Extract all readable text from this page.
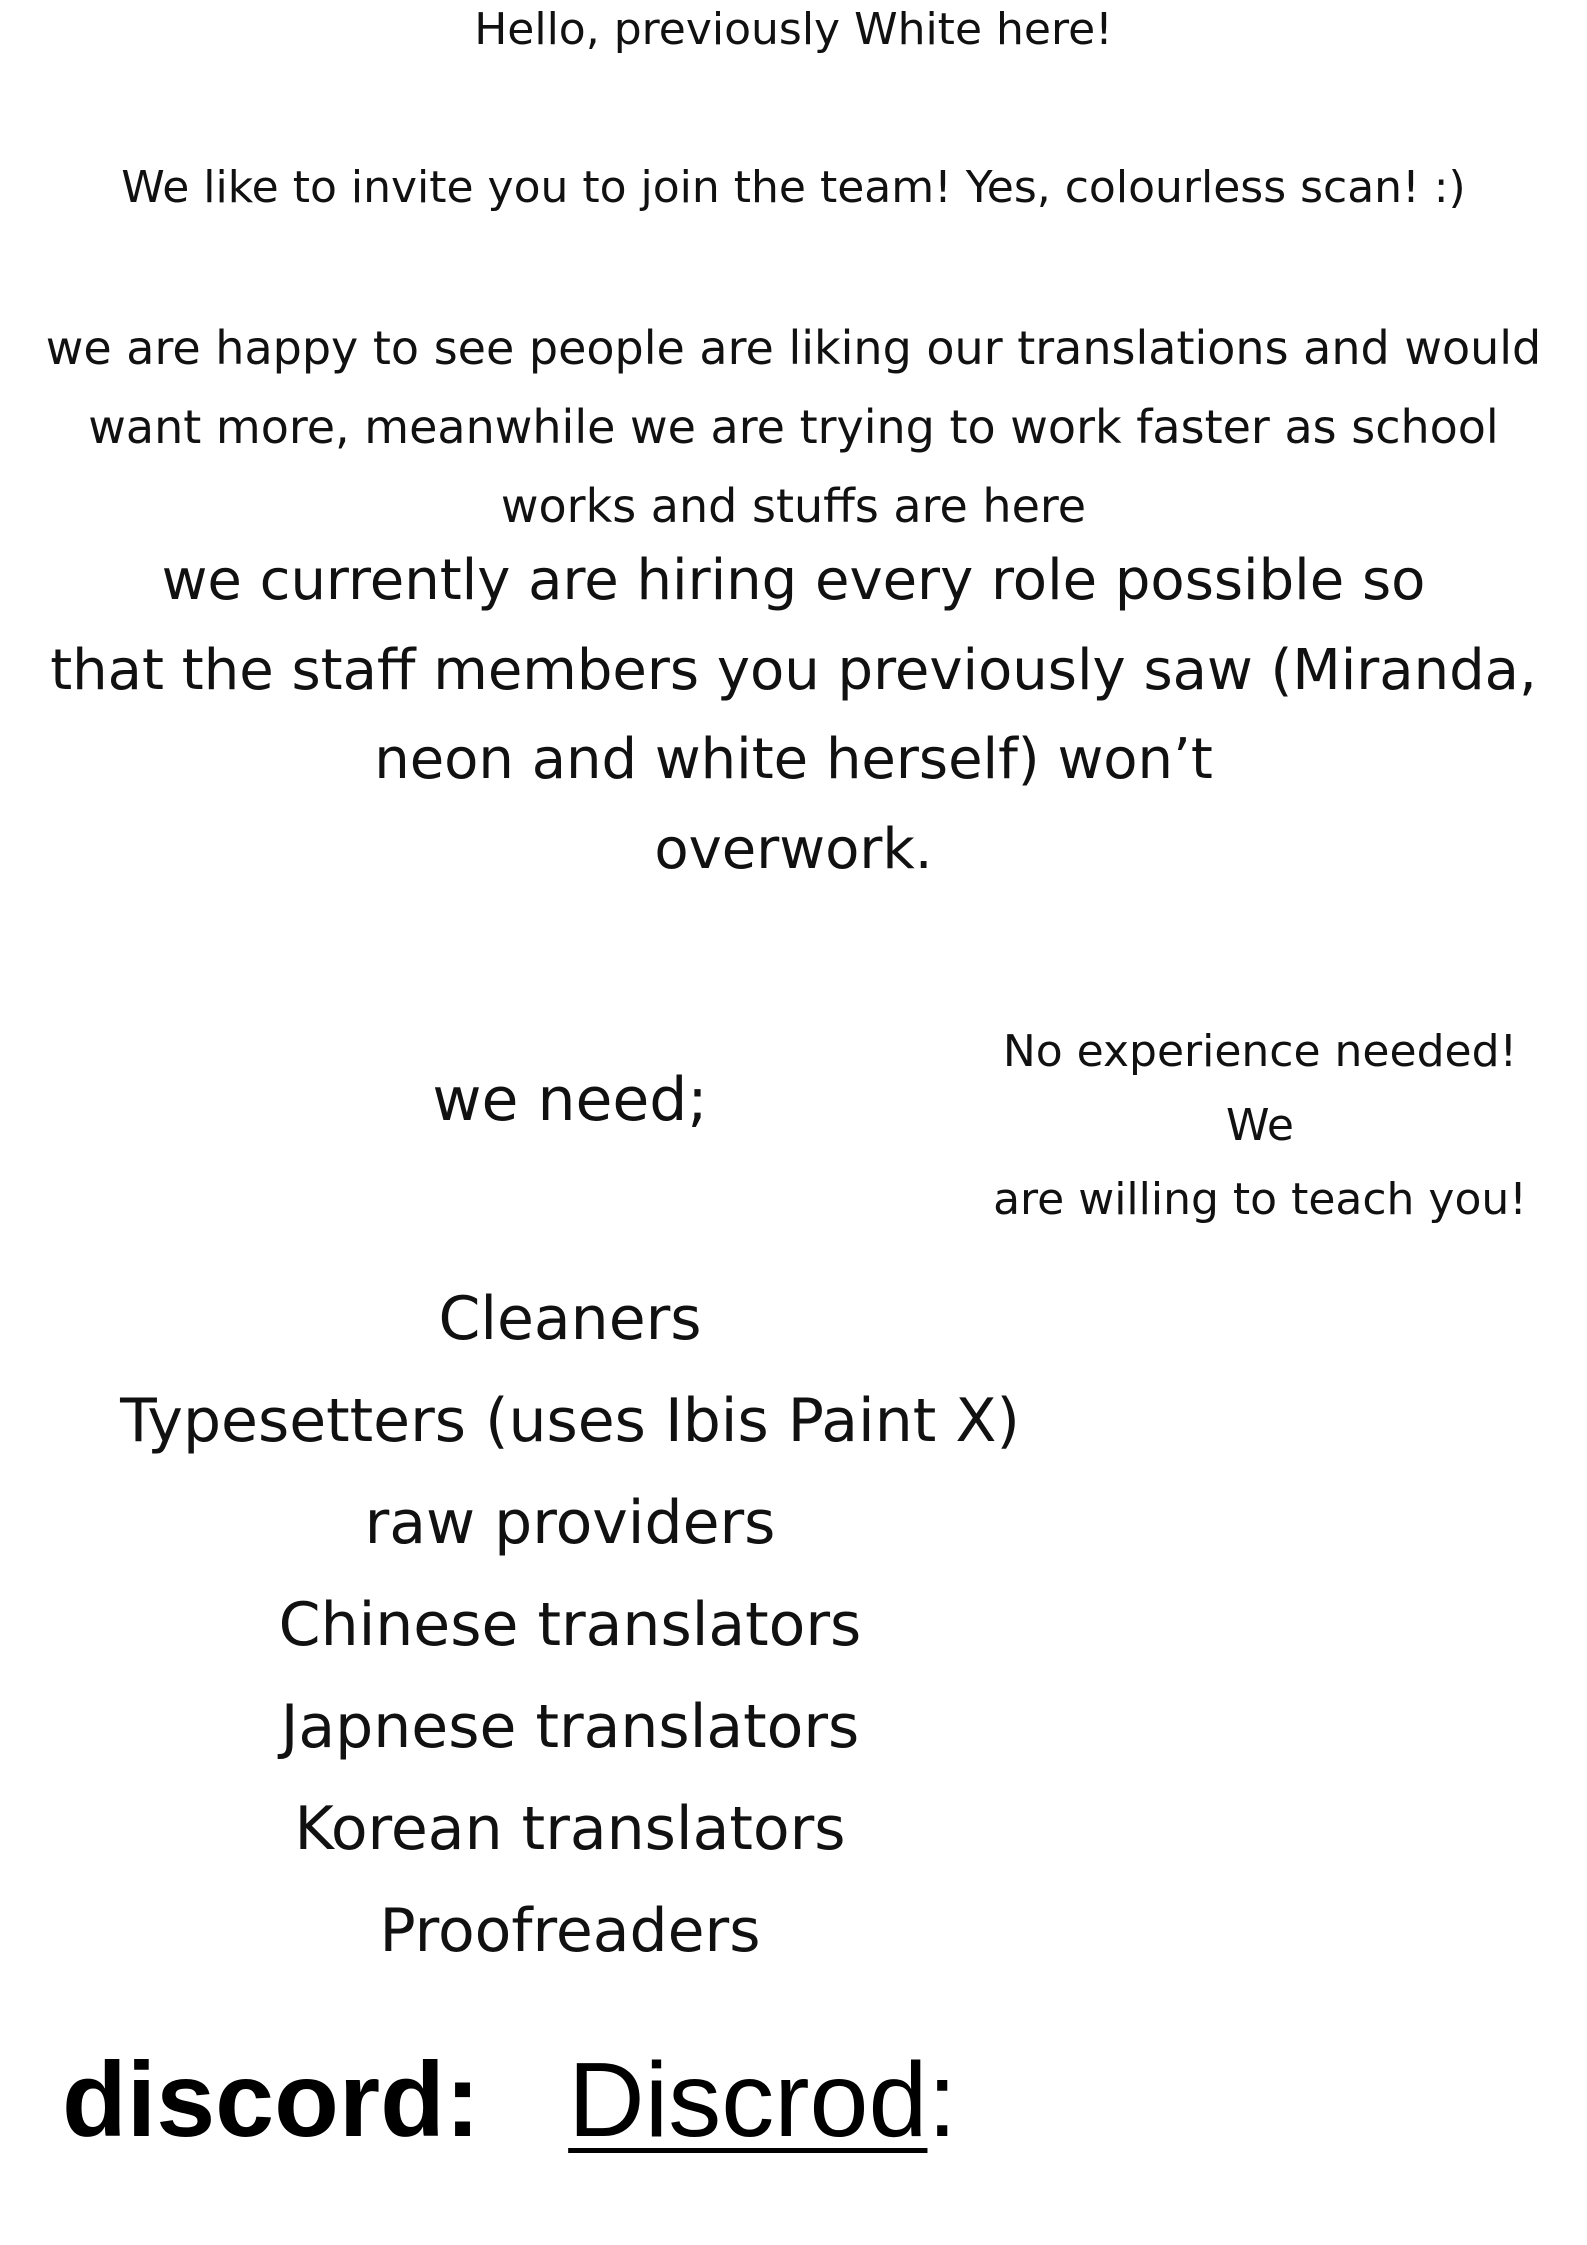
Hello, previously White here!
We like to invite you to join the team! Yes, colourless scan! :)
we are happy to see people are liking our translations and would
want more, meanwhile we are trying to work faster as school
works and stuffs are here
we currently are hiring every role possible so
that the staff members you previously saw (Miranda,
neon and white herself) won’t
overwork.
No experience needed! We
are willing to teach you!
we need;
Cleaners
Typesetters (uses Ibis Paint X)
raw providers
Chinese translators
Japnese translators
Korean translators
Proofreaders
discord: Discrod :
